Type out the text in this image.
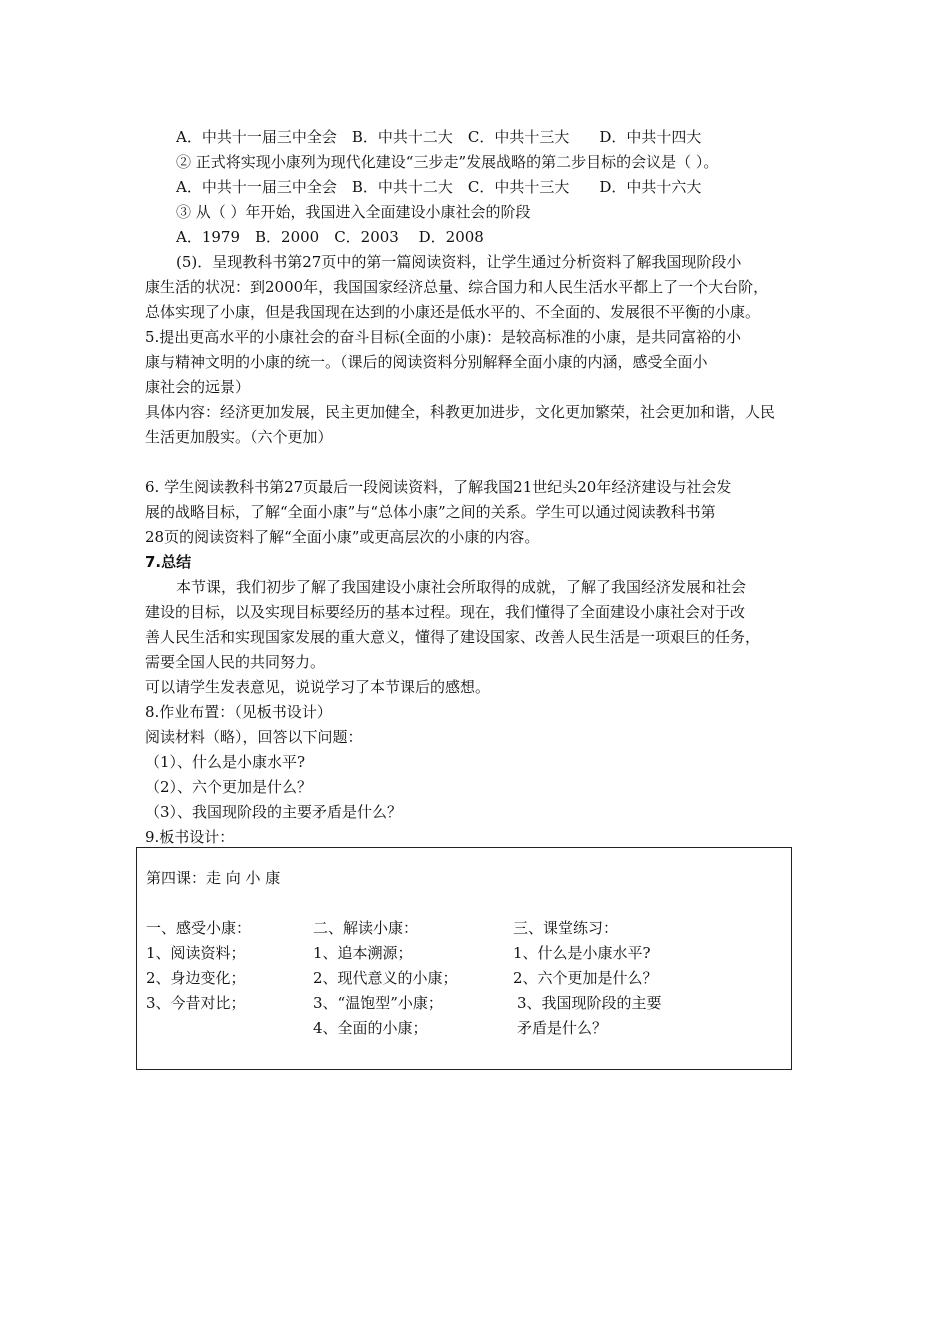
A．中共十一届三中全会　B．中共十二大　C．中共十三大　　D．中共十四大
② 正式将实现小康列为现代化建设“三步走”发展战略的第二步目标的会议是（ ）。
A．中共十一届三中全会　B．中共十二大　C．中共十三大　　D．中共十六大
③ 从（ ）年开始，我国进入全面建设小康社会的阶段
A．1979　B．2000　C．2003　 D．2008
(5)．呈现教科书第27页中的第一篇阅读资料，让学生通过分析资料了解我国现阶段小
康生活的状况：到2000年，我国国家经济总量、综合国力和人民生活水平都上了一个大台阶，
总体实现了小康，但是我国现在达到的小康还是低水平的、不全面的、发展很不平衡的小康。
5.提出更高水平的小康社会的奋斗目标(全面的小康)：是较高标准的小康，是共同富裕的小
康与精神文明的小康的统一。（课后的阅读资料分别解释全面小康的内涵，感受全面小
康社会的远景）
具体内容：经济更加发展，民主更加健全，科教更加进步，文化更加繁荣，社会更加和谐，人民
生活更加殷实。（六个更加）
6. 学生阅读教科书第27页最后一段阅读资料，了解我国21世纪头20年经济建设与社会发
展的战略目标，了解“全面小康”与“总体小康”之间的关系。学生可以通过阅读教科书第
28页的阅读资料了解“全面小康”或更高层次的小康的内容。
7.总结
本节课，我们初步了解了我国建设小康社会所取得的成就，了解了我国经济发展和社会
建设的目标，以及实现目标要经历的基本过程。现在，我们懂得了全面建设小康社会对于改
善人民生活和实现国家发展的重大意义，懂得了建设国家、改善人民生活是一项艰巨的任务，
需要全国人民的共同努力。
可以请学生发表意见，说说学习了本节课后的感想。
8.作业布置：（见板书设计）
阅读材料（略），回答以下问题：
（1）、什么是小康水平?
（2）、六个更加是什么？
（3）、我国现阶段的主要矛盾是什么？
9.板书设计：
第四课：走 向 小 康
一、感受小康：
1、阅读资料；
2、身边变化；
3、今昔对比；
二、解读小康：
1、追本溯源；
2、现代意义的小康；
3、“温饱型”小康；
4、全面的小康；
三、课堂练习：
1、什么是小康水平?
2、六个更加是什么？
3、我国现阶段的主要
矛盾是什么？
